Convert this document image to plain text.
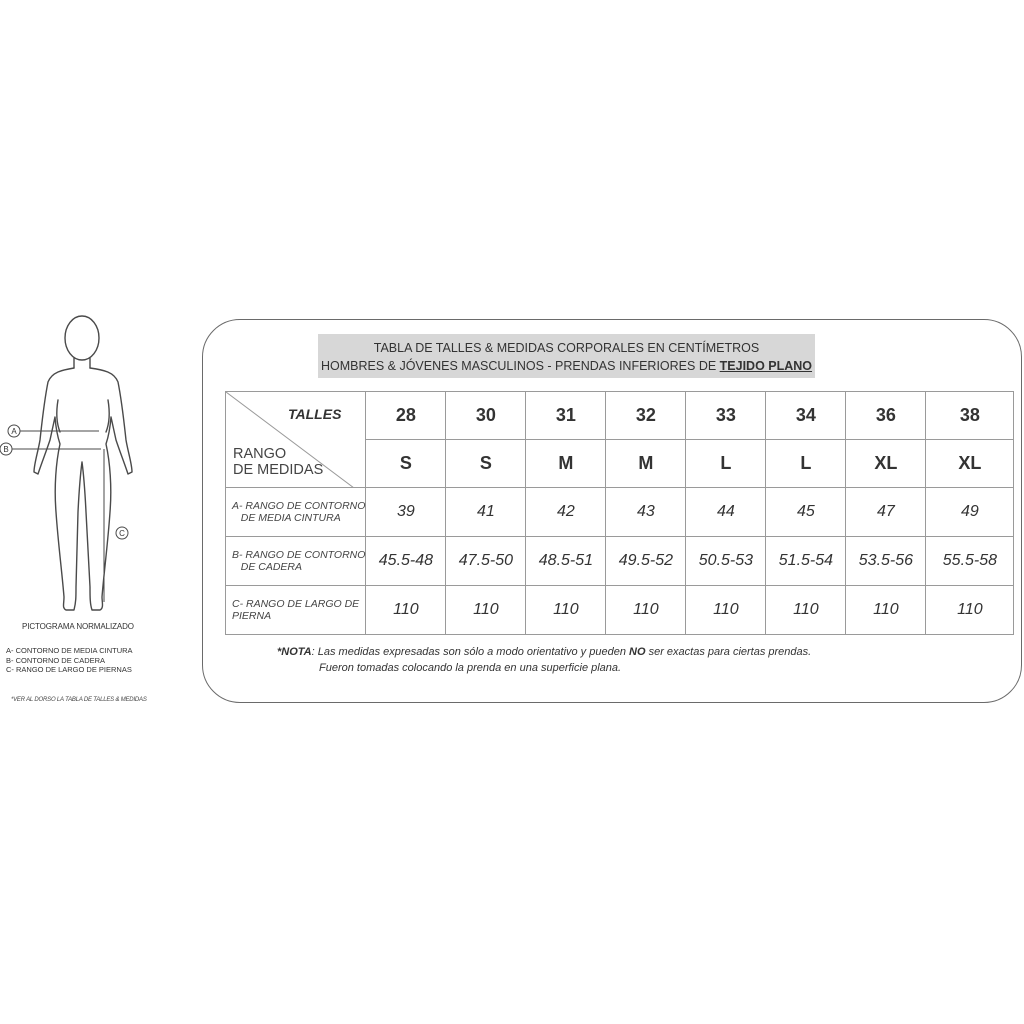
A
B
C
PICTOGRAMA NORMALIZADO
A- CONTORNO DE MEDIA CINTURA
B- CONTORNO DE CADERA
C- RANGO DE LARGO DE PIERNAS
*VER AL DORSO LA TABLA DE TALLES & MEDIDAS
TABLA DE TALLES & MEDIDAS CORPORALES EN CENTÍMETROS
HOMBRES & JÓVENES MASCULINOS - PRENDAS INFERIORES DE TEJIDO PLANO
TALLES
RANGO
DE MEDIDAS	28	30	31	32	33	34	36	38
	S	S	M	M	L	L	XL	XL
A- RANGO DE CONTORNO
DE MEDIA CINTURA	39	41	42	43	44	45	47	49
B- RANGO DE CONTORNO
DE CADERA	45.5-48	47.5-50	48.5-51	49.5-52	50.5-53	51.5-54	53.5-56	55.5-58
C- RANGO DE LARGO DE
PIERNA	110	110	110	110	110	110	110	110
*NOTA: Las medidas expresadas son sólo a modo orientativo y pueden NO ser exactas para ciertas prendas.
Fueron tomadas colocando la prenda en una superficie plana.
